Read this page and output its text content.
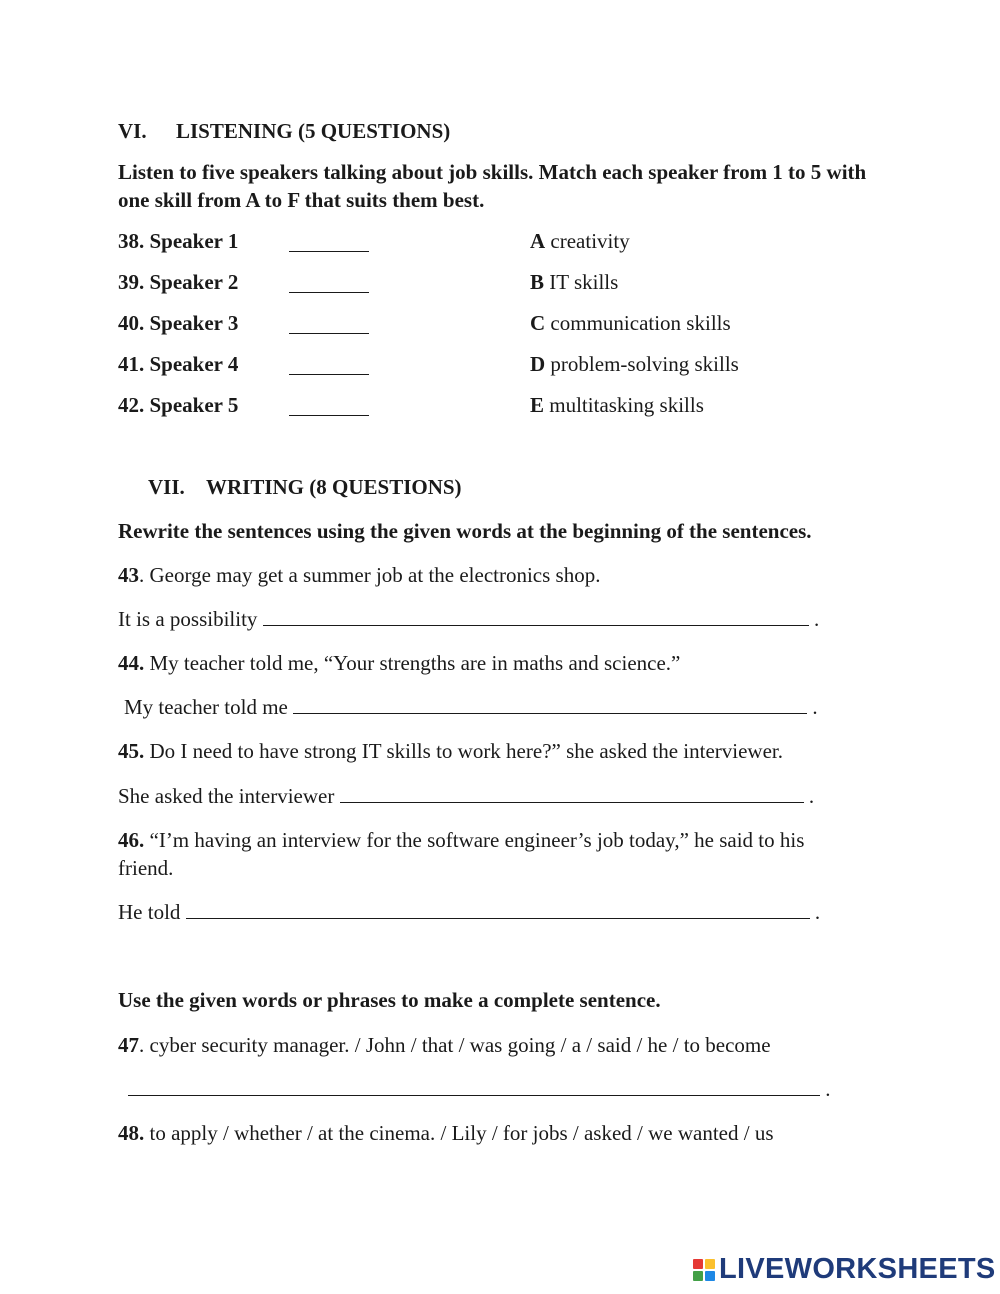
VI. LISTENING (5 QUESTIONS)
Listen to five speakers talking about job skills. Match each speaker from 1 to 5 with one skill from A to F that suits them best.
38. Speaker 1	A creativity
39. Speaker 2	B IT skills
40. Speaker 3	C communication skills
41. Speaker 4	D problem-solving skills
42. Speaker 5	E multitasking skills
VII. WRITING (8 QUESTIONS)
Rewrite the sentences using the given words at the beginning of the sentences.
43. George may get a summer job at the electronics shop.
It is a possibility	.
44. My teacher told me, “Your strengths are in maths and science.”
My teacher told me	.
45. Do I need to have strong IT skills to work here?” she asked the interviewer.
She asked the interviewer	.
46. “I’m having an interview for the software engineer’s job today,” he said to his
friend.
He told	.
Use the given words or phrases to make a complete sentence.
47. cyber security manager. / John / that / was going / a / said / he / to become
.
48. to apply / whether / at the cinema. / Lily / for jobs / asked / we wanted / us
LIVEWORKSHEETS
